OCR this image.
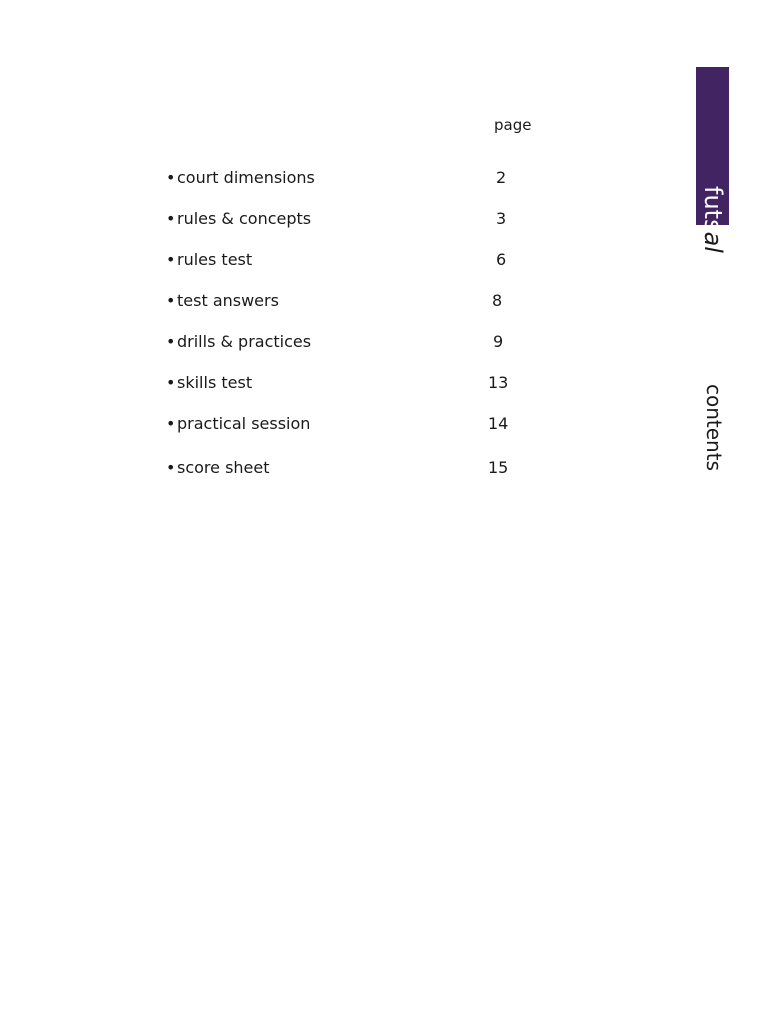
page
• court dimensions	2
• rules & concepts	3
• rules test	6
• test answers	8
• drills & practices	9
• skills test	13
• practical session	14
• score sheet	15
futsal
contents
